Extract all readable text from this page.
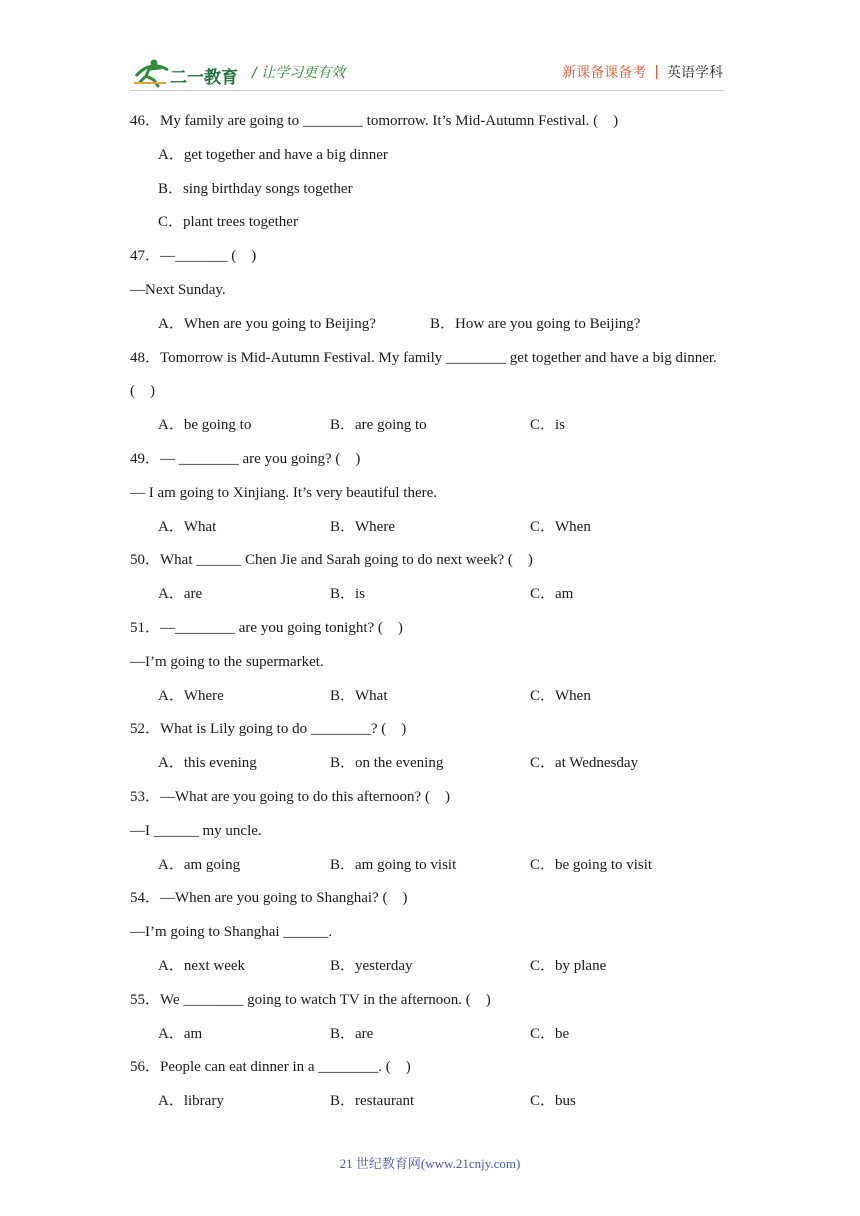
二一教育 / 让学习更有效	新课备课备考 | 英语学科
46．My family are going to ________ tomorrow. It’s Mid-Autumn Festival. (　)
A．get together and have a big dinner
B．sing birthday songs together
C．plant trees together
47．—_______ (　)
—Next Sunday.
A．When are you going to Beijing?	B．How are you going to Beijing?
48．Tomorrow is Mid-Autumn Festival. My family ________ get together and have a big dinner.
(　)
A．be going to	B．are going to	C．is
49．— ________ are you going? (　)
— I am going to Xinjiang. It’s very beautiful there.
A．What	B．Where	C．When
50．What ______ Chen Jie and Sarah going to do next week? (　)
A．are	B．is	C．am
51．—________ are you going tonight? (　)
—I’m going to the supermarket.
A．Where	B．What	C．When
52．What is Lily going to do ________? (　)
A．this evening	B．on the evening	C．at Wednesday
53．—What are you going to do this afternoon? (　)
—I ______ my uncle.
A．am going	B．am going to visit	C．be going to visit
54．—When are you going to Shanghai? (　)
—I’m going to Shanghai ______.
A．next week	B．yesterday	C．by plane
55．We ________ going to watch TV in the afternoon. (　)
A．am	B．are	C．be
56．People can eat dinner in a ________. (　)
A．library	B．restaurant	C．bus
21 世纪教育网(www.21cnjy.com)
